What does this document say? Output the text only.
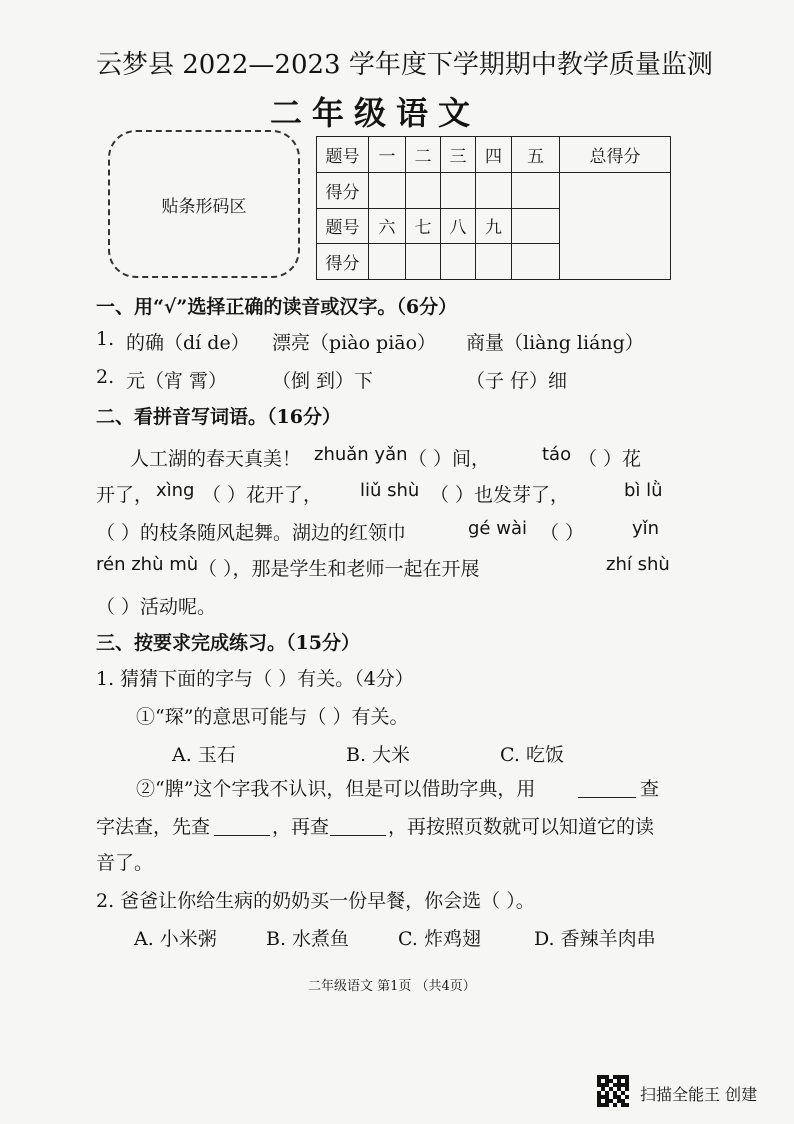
云梦县 2022—2023 学年度下学期期中教学质量监测
二年级语文
贴条形码区
题号	一	二	三	四	五	总得分
得分						
题号	六	七	八	九		
得分						
一、用“√”选择正确的读音或汉字。（6分）
1. 的确（dí de） 漂亮（piào piāo） 商量（liàng liáng）
2. 元（宵 霄） （倒 到）下	（子 仔）细
二、看拼音写词语。（16分）
人工湖的春天真美！ zhuǎn yǎn （ ）间，	táo （ ）花
开了， xìng （ ）花开了， liǔ shù （ ）也发芽了，	bì lǜ
（ ）的枝条随风起舞。湖边的红领巾	gé wài （ ）	yǐn
rén zhù mù （ ），那是学生和老师一起在开展	zhí shù
（ ）活动呢。
三、按要求完成练习。（15分）
1. 猜猜下面的字与（ ）有关。（4分）
①“琛”的意思可能与（ ）有关。
A. 玉石	B. 大米	C. 吃饭
②“脾”这个字我不认识，但是可以借助字典，用	查
字法查，先查	，再查	，再按照页数就可以知道它的读
音了。
2. 爸爸让你给生病的奶奶买一份早餐，你会选（ ）。
A. 小米粥	B. 水煮鱼	C. 炸鸡翅	D. 香辣羊肉串
二年级语文 第1页 （共4页）
扫描全能王 创建
